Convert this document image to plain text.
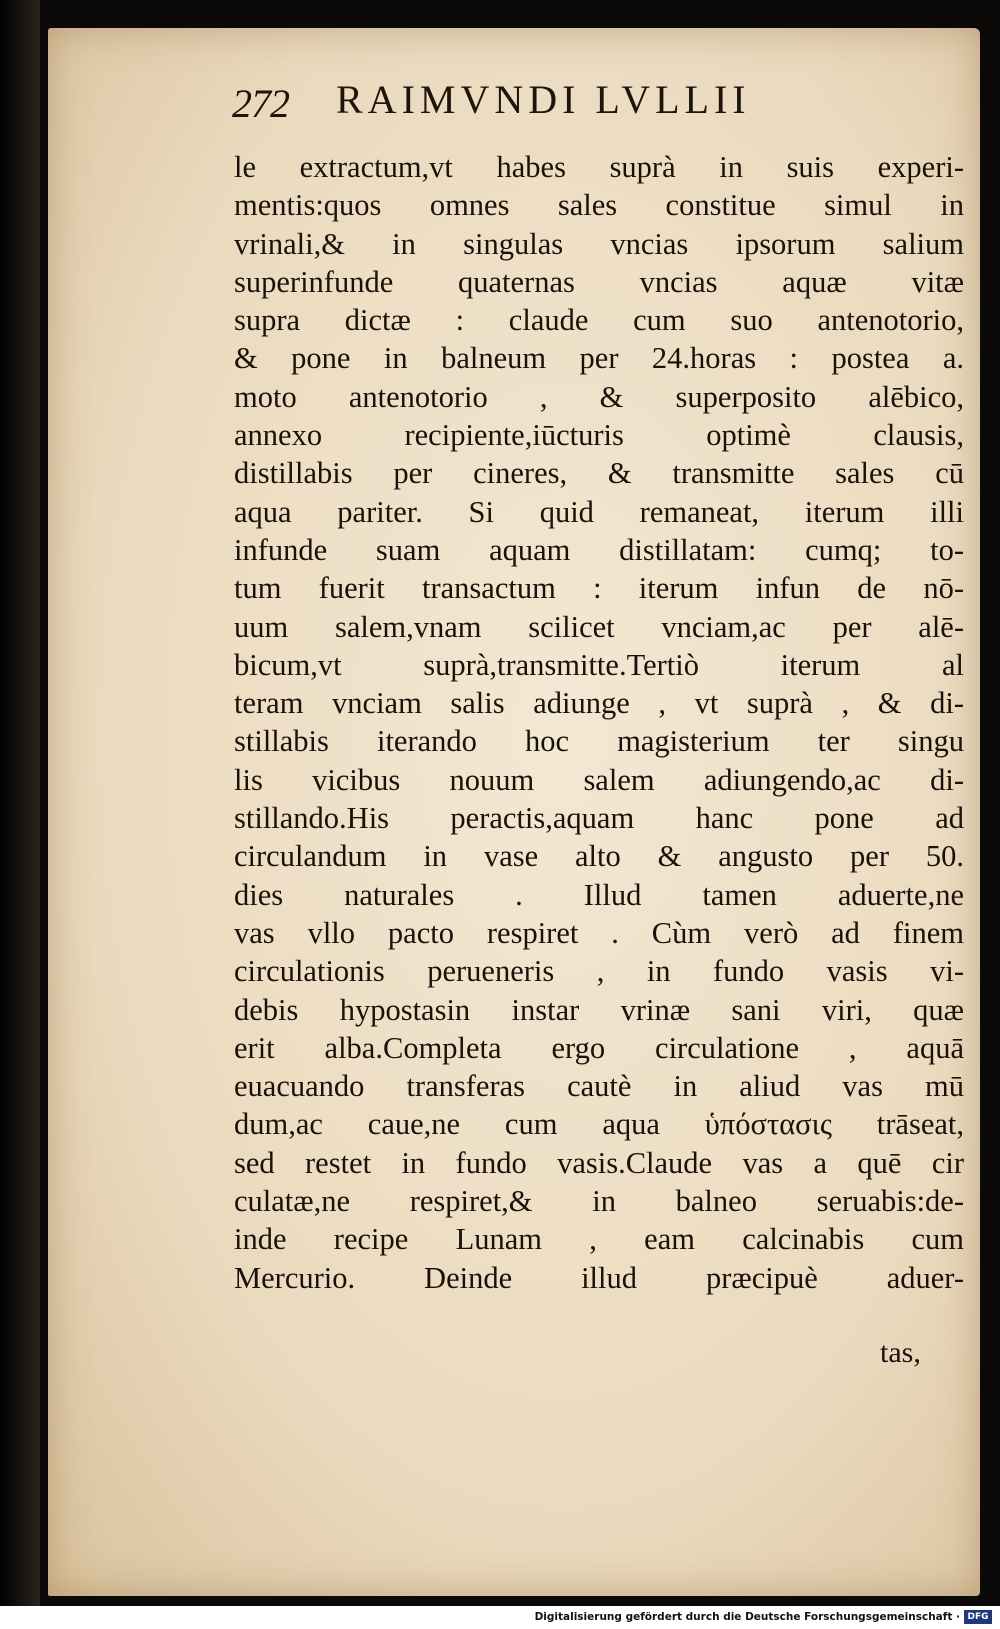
272 RAIMVNDI LVLLII
le extractum,vt habes suprà in suis experi-
mentis:quos omnes sales constitue simul in
vrinali,& in singulas vncias ipsorum salium
superinfunde quaternas vncias aquæ vitæ
supra dictæ : claude cum suo antenotorio,
& pone in balneum per 24.horas : postea a.
moto antenotorio , & superposito alēbico,
annexo recipiente,iūcturis optimè clausis,
distillabis per cineres, & transmitte sales cū
aqua pariter. Si quid remaneat, iterum illi
infunde suam aquam distillatam: cumq; to-
tum fuerit transactum : iterum infun de nō-
uum salem,vnam scilicet vnciam,ac per alē-
bicum,vt suprà,transmitte.Tertiò iterum al
teram vnciam salis adiunge , vt suprà , & di-
stillabis iterando hoc magisterium ter singu
lis vicibus nouum salem adiungendo,ac di-
stillando.His peractis,aquam hanc pone ad
circulandum in vase alto & angusto per 50.
dies naturales . Illud tamen aduerte,ne
vas vllo pacto respiret . Cùm verò ad finem
circulationis perueneris , in fundo vasis vi-
debis hypostasin instar vrinæ sani viri, quæ
erit alba.Completa ergo circulatione , aquā
euacuando transferas cautè in aliud vas mū
dum,ac caue,ne cum aqua ὑπόστασις trāseat,
sed restet in fundo vasis.Claude vas a quē cir
culatæ,ne respiret,& in balneo seruabis:de-
inde recipe Lunam , eam calcinabis cum
Mercurio. Deinde illud præcipuè aduer-
tas,
Digitalisierung gefördert durch die Deutsche Forschungsgemeinschaft · DFG
